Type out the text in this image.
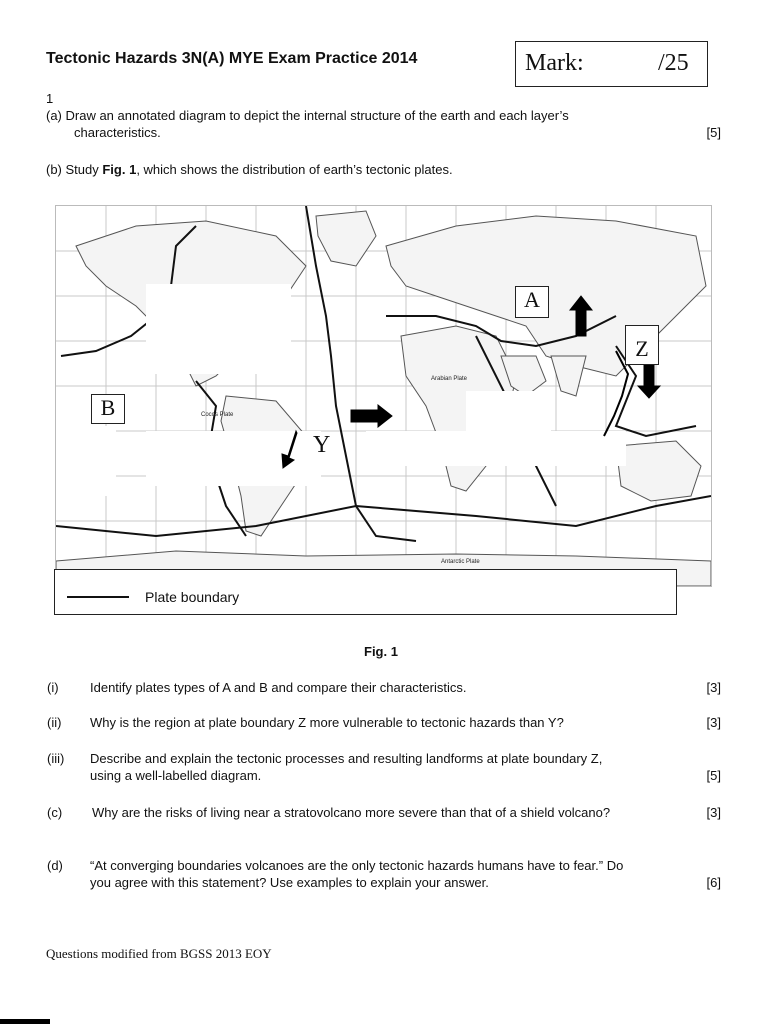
Tectonic Hazards 3N(A) MYE Exam Practice 2014	Mark:	/25
1
(a) Draw an annotated diagram to depict the internal structure of the earth and each layer’s
characteristics.	[5]
(b) Study Fig. 1, which shows the distribution of earth’s tectonic plates.
Cocos Plate
Arabian Plate
Antarctic Plate
A
B
Z
Y
Plate boundary
Fig. 1
(i) Identify plates types of A and B and compare their characteristics.	[3]
(ii) Why is the region at plate boundary Z more vulnerable to tectonic hazards than Y?	[3]
(iii) Describe and explain the tectonic processes and resulting landforms at plate boundary Z,
using a well-labelled diagram.	[5]
(c) Why are the risks of living near a stratovolcano more severe than that of a shield volcano?	[3]
(d) “At converging boundaries volcanoes are the only tectonic hazards humans have to fear.” Do
you agree with this statement? Use examples to explain your answer.	[6]
Questions modified from BGSS 2013 EOY
